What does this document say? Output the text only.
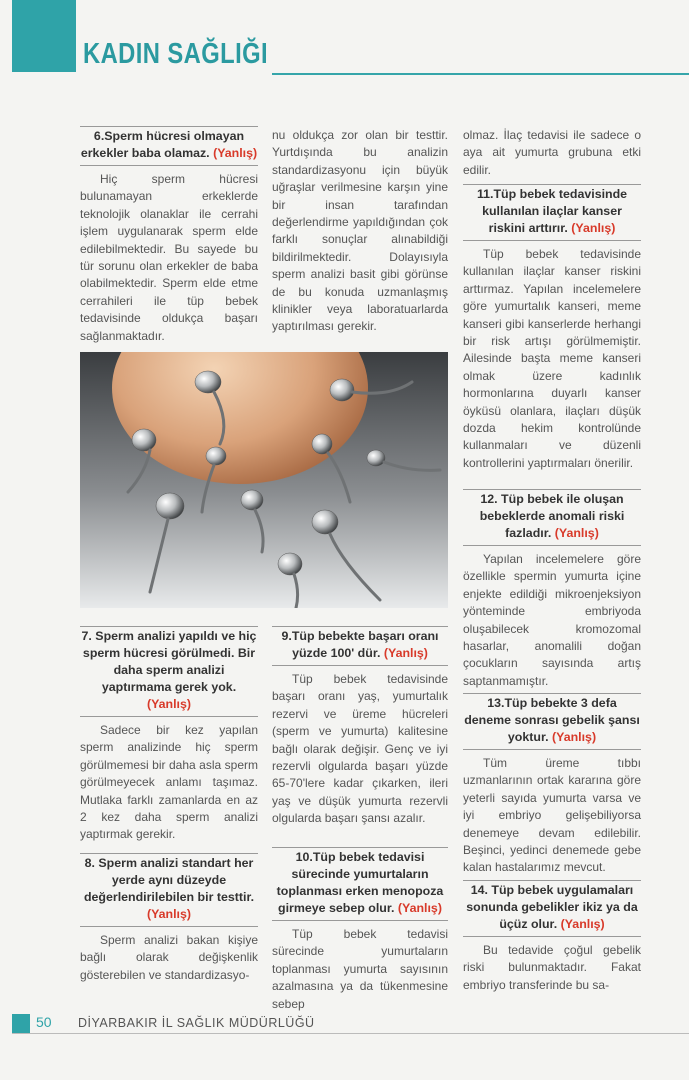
KADIN SAĞLIĞI
6.Sperm hücresi olmayan erkekler baba olamaz. (Yanlış)

Hiç sperm hücresi bulunamayan erkeklerde teknolojik olanaklar ile cerrahi işlem uygulanarak sperm elde edilebilmektedir. Bu sayede bu tür sorunu olan erkekler de baba olabilmektedir. Sperm elde etme cerrahileri ile tüp bebek tedavisinde oldukça başarı sağlanmaktadır.

nu oldukça zor olan bir testtir. Yurtdışında bu analizin standardizasyonu için büyük uğraşlar verilmesine karşın yine bir insan tarafından değerlendirme yapıldığından çok farklı sonuçlar alınabildiği bildirilmektedir. Dolayısıyla sperm analizi basit gibi görünse de bu konuda uzmanlaşmış klinikler veya laboratuarlarda yaptırılması gerekir.

7. Sperm analizi yapıldı ve hiç sperm hücresi görülmedi. Bir daha sperm analizi yaptırmama gerek yok. (Yanlış)

Sadece bir kez yapılan sperm analizinde hiç sperm görülmemesi bir daha asla sperm görülmeyecek anlamı taşımaz. Mutlaka farklı zamanlarda en az 2 kez daha sperm analizi yaptırmak gerekir.

8. Sperm analizi standart her yerde aynı düzeyde değerlendirilebilen bir testtir. (Yanlış)

Sperm analizi bakan kişiye bağlı olarak değişkenlik gösterebilen ve standardizasyo-

9.Tüp bebekte başarı oranı yüzde 100' dür. (Yanlış)

Tüp bebek tedavisinde başarı oranı yaş, yumurtalık rezervi ve üreme hücreleri (sperm ve yumurta) kalitesine bağlı olarak değişir. Genç ve iyi rezervli olgularda başarı yüzde 65-70'lere kadar çıkarken, ileri yaş ve düşük yumurta rezervli olgularda başarı şansı azalır.

10.Tüp bebek tedavisi sürecinde yumurtaların toplanması erken menopoza girmeye sebep olur. (Yanlış)

Tüp bebek tedavisi sürecinde yumurtaların toplanması yumurta sayısının azalmasına ya da tükenmesine sebep

olmaz. İlaç tedavisi ile sadece o aya ait yumurta grubuna etki edilir.

11.Tüp bebek tedavisinde kullanılan ilaçlar kanser riskini arttırır. (Yanlış)

Tüp bebek tedavisinde kullanılan ilaçlar kanser riskini arttırmaz. Yapılan incelemelere göre yumurtalık kanseri, meme kanseri gibi kanserlerde herhangi bir risk artışı görülmemiştir. Ailesinde başta meme kanseri olmak üzere kadınlık hormonlarına duyarlı kanser öyküsü olanlara, ilaçları düşük dozda hekim kontrolünde kullanmaları ve düzenli kontrollerini yaptırmaları önerilir.

12. Tüp bebek ile oluşan bebeklerde anomali riski fazladır. (Yanlış)

Yapılan incelemelere göre özellikle spermin yumurta içine enjekte edildiği mikroenjeksiyon yönteminde embriyoda oluşabilecek kromozomal hasarlar, anomalili doğan çocukların sayısında artış saptanmamıştır.

13.Tüp bebekte 3 defa deneme sonrası gebelik şansı yoktur. (Yanlış)

Tüm üreme tıbbı uzmanlarının ortak kararına göre yeterli sayıda yumurta varsa ve iyi embriyo gelişebiliyorsa denemeye devam edilebilir. Beşinci, yedinci denemede gebe kalan hastalarımız mevcut.

14. Tüp bebek uygulamaları sonunda gebelikler ikiz ya da üçüz olur. (Yanlış)

Bu tedavide çoğul gebelik riski bulunmaktadır. Fakat embriyo transferinde bu sa-

50 DİYARBAKIR İL SAĞLIK MÜDÜRLÜĞÜ
